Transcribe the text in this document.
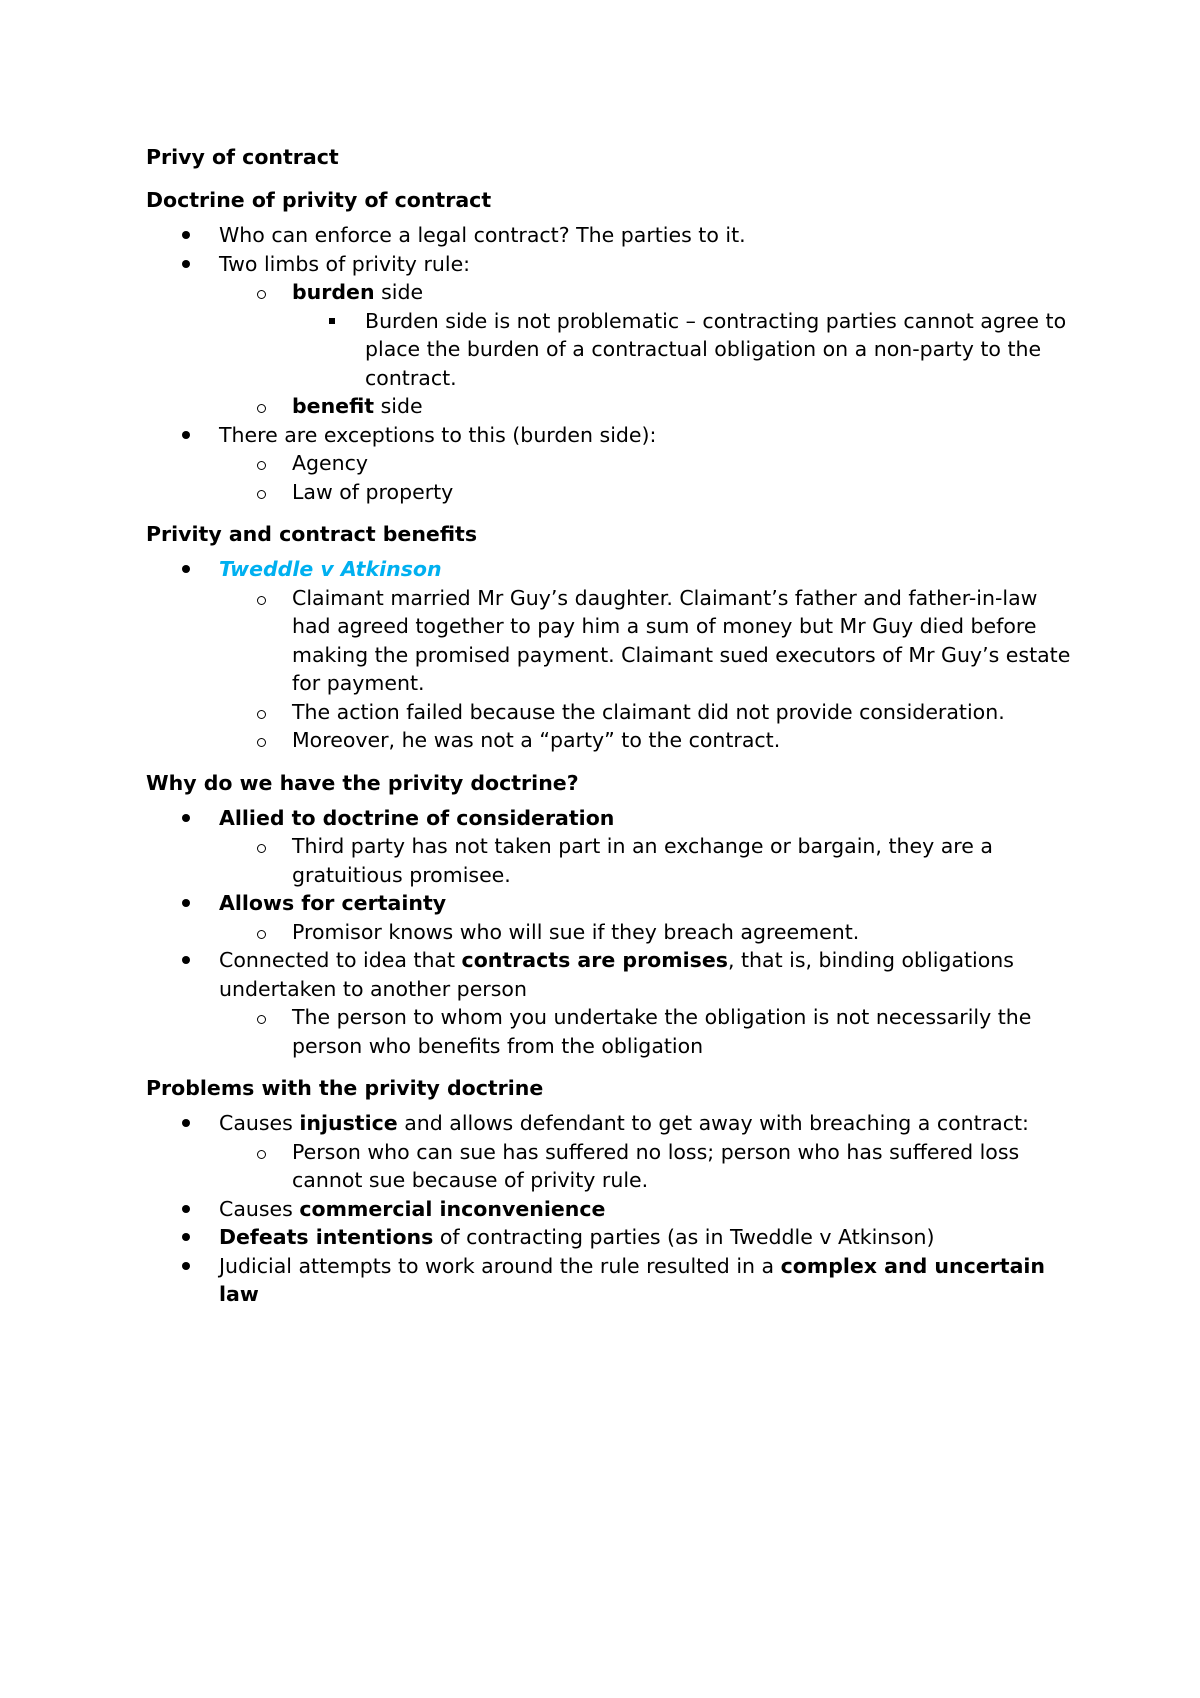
Privy of contract

Doctrine of privity of contract

Who can enforce a legal contract? The parties to it.
Two limbs of privity rule:
burden side
Burden side is not problematic – contracting parties cannot agree to place the burden of a contractual obligation on a non-party to the contract.
benefit side
There are exceptions to this (burden side):
Agency
Law of property

Privity and contract benefits

Tweddle v Atkinson
Claimant married Mr Guy’s daughter. Claimant’s father and father-in-law had agreed together to pay him a sum of money but Mr Guy died before making the promised payment. Claimant sued executors of Mr Guy’s estate for payment.
The action failed because the claimant did not provide consideration.
Moreover, he was not a “party” to the contract.

Why do we have the privity doctrine?

Allied to doctrine of consideration
Third party has not taken part in an exchange or bargain, they are a gratuitious promisee.
Allows for certainty
Promisor knows who will sue if they breach agreement.
Connected to idea that contracts are promises, that is, binding obligations undertaken to another person
The person to whom you undertake the obligation is not necessarily the person who benefits from the obligation

Problems with the privity doctrine

Causes injustice and allows defendant to get away with breaching a contract:
Person who can sue has suffered no loss; person who has suffered loss cannot sue because of privity rule.
Causes commercial inconvenience
Defeats intentions of contracting parties (as in Tweddle v Atkinson)
Judicial attempts to work around the rule resulted in a complex and uncertain law
